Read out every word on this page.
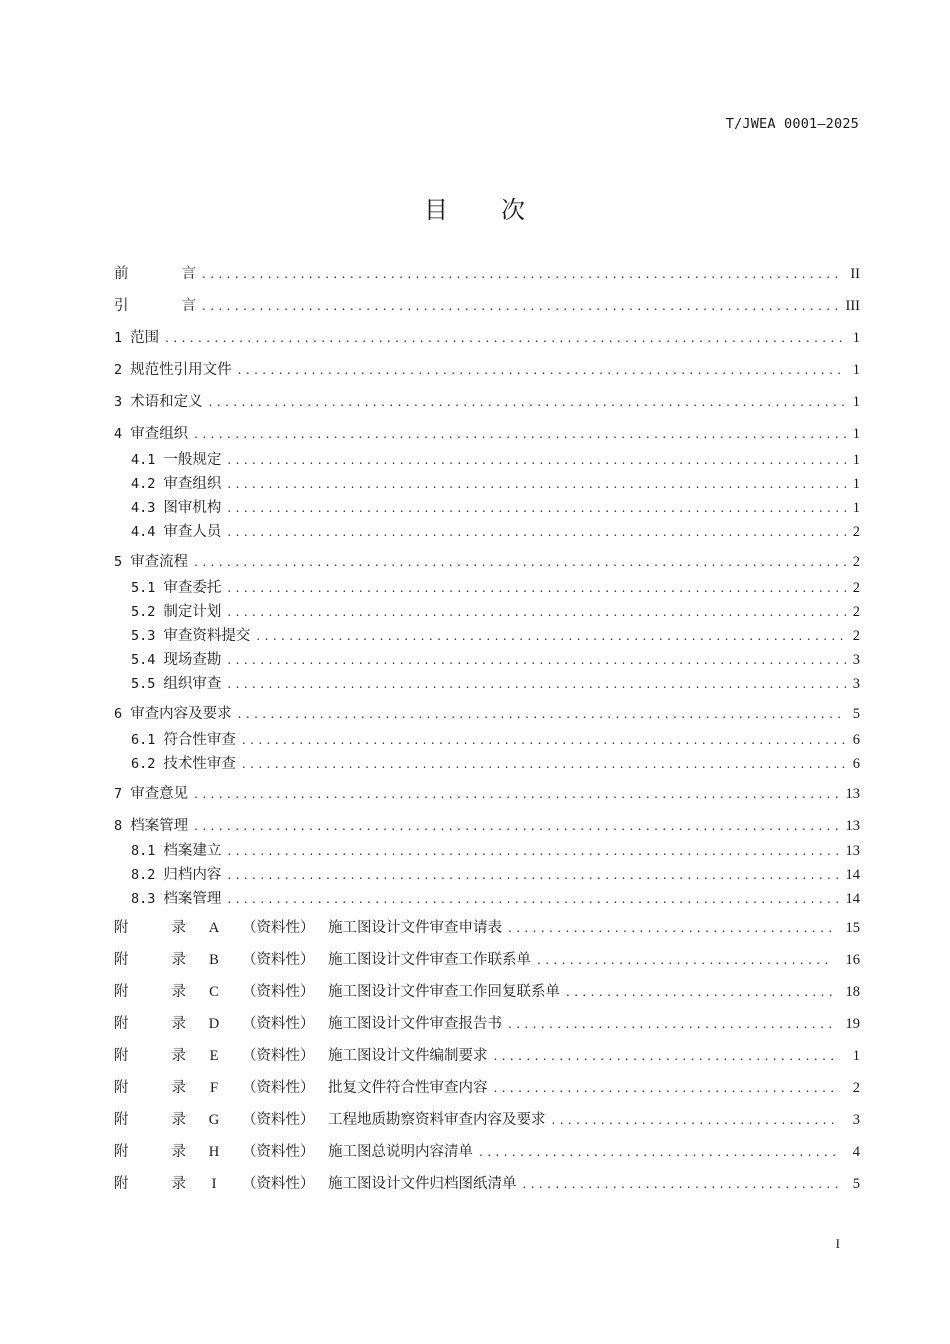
T/JWEA 0001—2025
目 次
前	言 .....	II
引	言 .....	III
1 范围 .....	1
2 规范性引用文件 .....	1
3 术语和定义 .....	1
4 审查组织 .....	1
4.1 一般规定 .....	1
4.2 审查组织 .....	1
4.3 图审机构 .....	1
4.4 审查人员 .....	2
5 审查流程 .....	2
5.1 审查委托 .....	2
5.2 制定计划 .....	2
5.3 审查资料提交 .....	2
5.4 现场查勘 .....	3
5.5 组织审查 .....	3
6 审查内容及要求 .....	5
6.1 符合性审查 .....	6
6.2 技术性审查 .....	6
7 审查意见 .....	13
8 档案管理 .....	13
8.1 档案建立 .....	13
8.2 归档内容 .....	14
8.3 档案管理 .....	14
附	录	A	（资料性） 施工图设计文件审查申请表 .....	15
附	录	B	（资料性） 施工图设计文件审查工作联系单 .....	16
附	录	C	（资料性） 施工图设计文件审查工作回复联系单 .....	18
附	录	D	（资料性） 施工图设计文件审查报告书 .....	19
附	录	E	（资料性） 施工图设计文件编制要求 .....	1
附	录	F	（资料性） 批复文件符合性审查内容 .....	2
附	录	G	（资料性） 工程地质勘察资料审查内容及要求 .....	3
附	录	H	（资料性） 施工图总说明内容清单 .....	4
附	录	I	（资料性） 施工图设计文件归档图纸清单 .....	5
I
